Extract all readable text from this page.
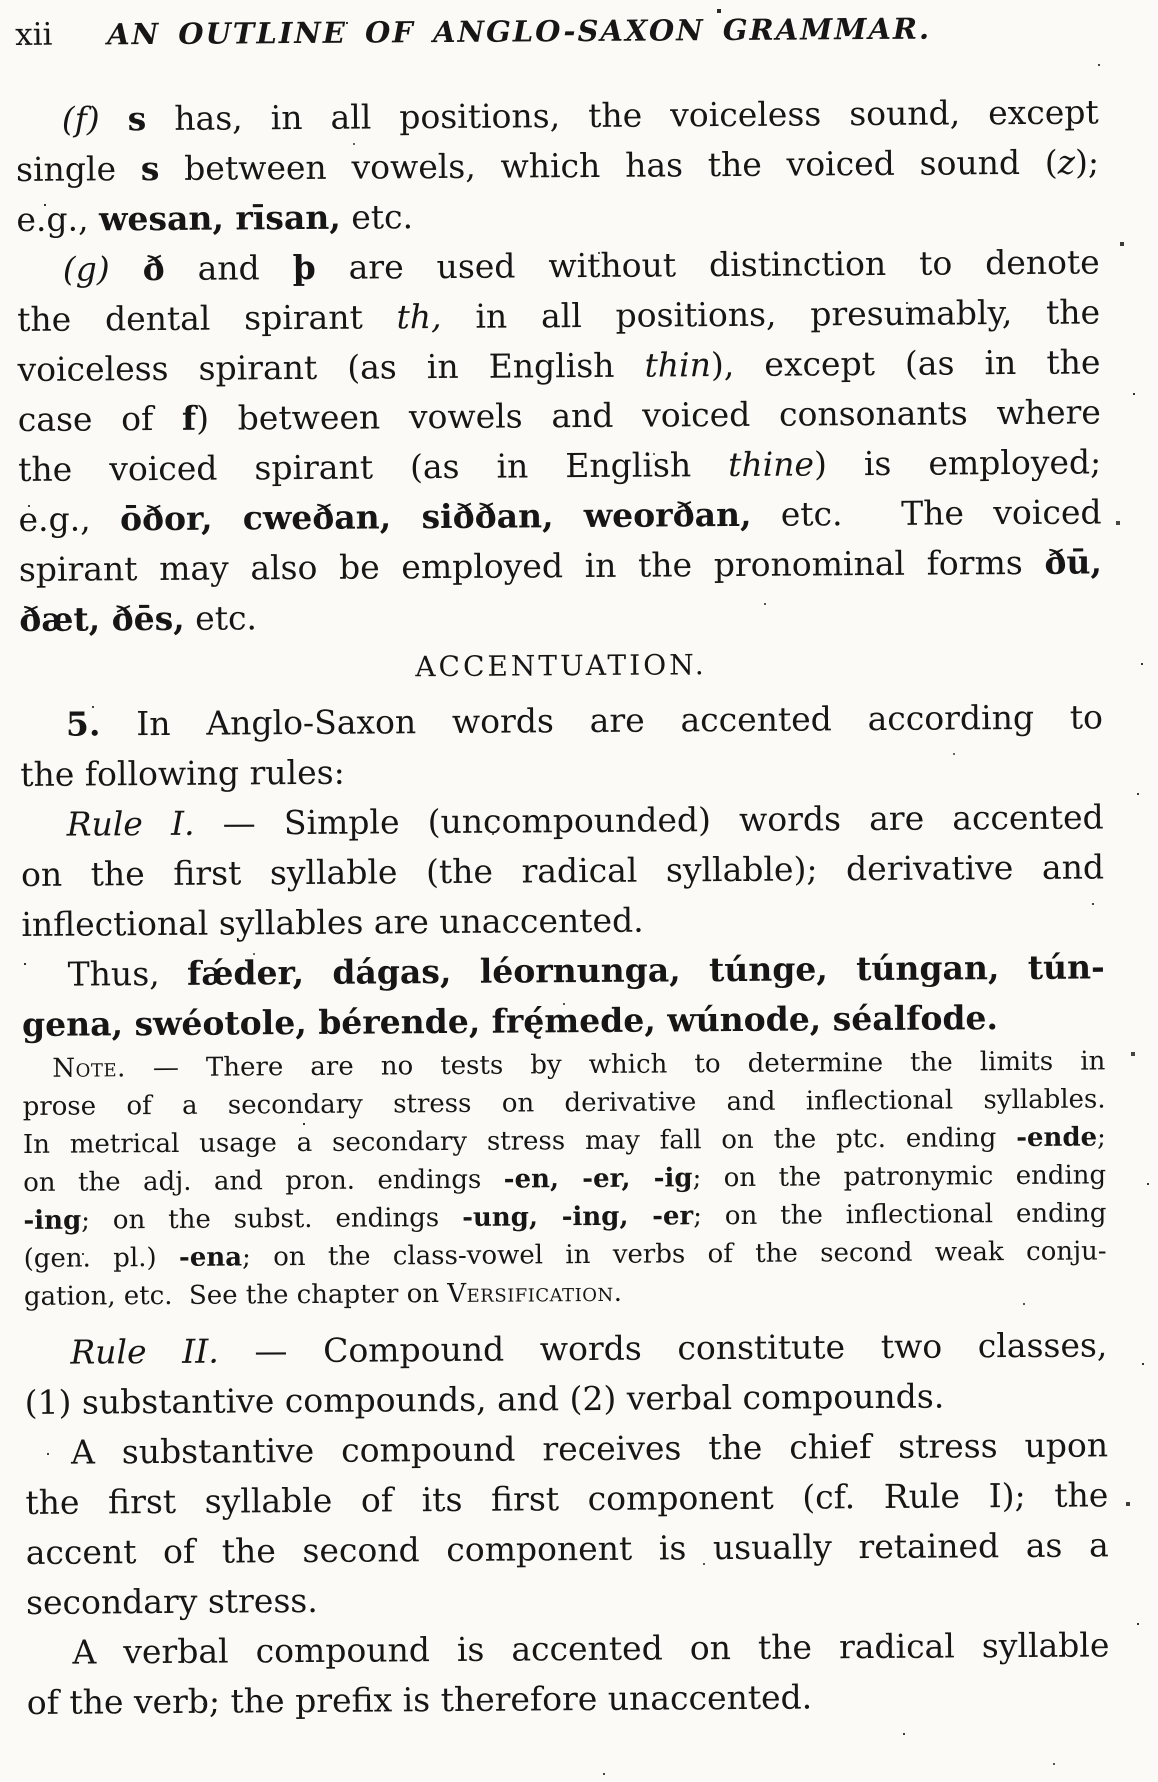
xii	AN OUTLINE OF ANGLO-SAXON GRAMMAR.
(f) s has, in all positions, the voiceless sound, except
single s between vowels, which has the voiced sound (z);
e.g., wesan, rīsan, etc.
(g) ð and þ are used without distinction to denote
the dental spirant th, in all positions, presumably, the
voiceless spirant (as in English thin), except (as in the
case of f) between vowels and voiced consonants where
the voiced spirant (as in English thine) is employed;
e.g., ōðor, cweðan, siððan, weorðan, etc.  The voiced
spirant may also be employed in the pronominal forms ðū,
ðæt, ðēs, etc.
ACCENTUATION.
5. In Anglo-Saxon words are accented according to
the following rules:
Rule I. — Simple (uncompounded) words are accented
on the first syllable (the radical syllable); derivative and
inflectional syllables are unaccented.
Thus, fǽder, dágas, léornunga, túnge, túngan, tún-
gena, swéotole, bérende, frę́mede, wúnode, séalfode.
Note. — There are no tests by which to determine the limits in
prose of a secondary stress on derivative and inflectional syllables.
In metrical usage a secondary stress may fall on the ptc. ending -ende;
on the adj. and pron. endings -en, -er, -ig; on the patronymic ending
-ing; on the subst. endings -ung, -ing, -er; on the inflectional ending
(gen. pl.) -ena; on the class-vowel in verbs of the second weak conju-
gation, etc.  See the chapter on Versification.
Rule II. — Compound words constitute two classes,
(1) substantive compounds, and (2) verbal compounds.
A substantive compound receives the chief stress upon
the first syllable of its first component (cf. Rule I); the
accent of the second component is usually retained as a
secondary stress.
A verbal compound is accented on the radical syllable
of the verb; the prefix is therefore unaccented.
